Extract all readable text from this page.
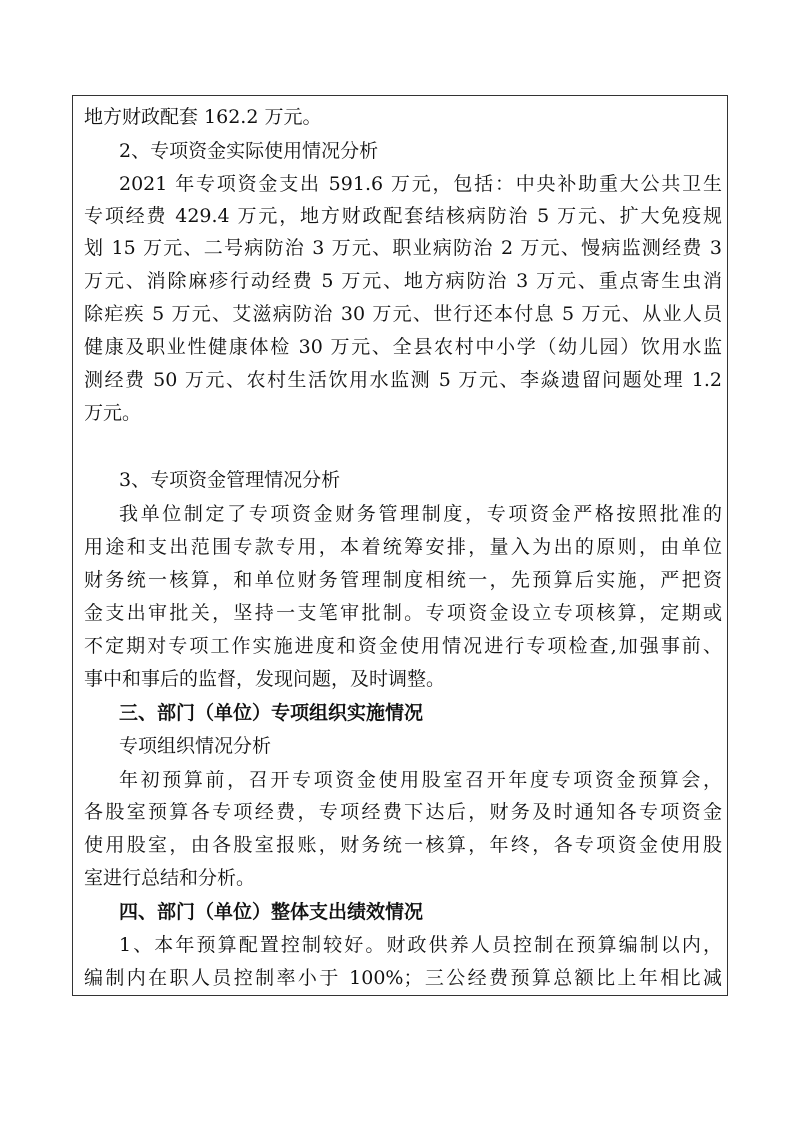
地方财政配套 162.2 万元。
2、专项资金实际使用情况分析
2021 年专项资金支出 591.6 万元，包括：中央补助重大公共卫生
专项经费 429.4 万元，地方财政配套结核病防治 5 万元、扩大免疫规
划 15 万元、二号病防治 3 万元、职业病防治 2 万元、慢病监测经费 3
万元、消除麻疹行动经费 5 万元、地方病防治 3 万元、重点寄生虫消
除疟疾 5 万元、艾滋病防治 30 万元、世行还本付息 5 万元、从业人员
健康及职业性健康体检 30 万元、全县农村中小学（幼儿园）饮用水监
测经费 50 万元、农村生活饮用水监测 5 万元、李焱遗留问题处理 1.2
万元。
3、专项资金管理情况分析
我单位制定了专项资金财务管理制度，专项资金严格按照批准的
用途和支出范围专款专用，本着统筹安排，量入为出的原则，由单位
财务统一核算，和单位财务管理制度相统一，先预算后实施，严把资
金支出审批关，坚持一支笔审批制。专项资金设立专项核算，定期或
不定期对专项工作实施进度和资金使用情况进行专项检查,加强事前、
事中和事后的监督，发现问题，及时调整。
三、部门（单位）专项组织实施情况
专项组织情况分析
年初预算前，召开专项资金使用股室召开年度专项资金预算会，
各股室预算各专项经费，专项经费下达后，财务及时通知各专项资金
使用股室，由各股室报账，财务统一核算，年终，各专项资金使用股
室进行总结和分析。
四、部门（单位）整体支出绩效情况
1、本年预算配置控制较好。财政供养人员控制在预算编制以内，
编制内在职人员控制率小于 100%；三公经费预算总额比上年相比减
